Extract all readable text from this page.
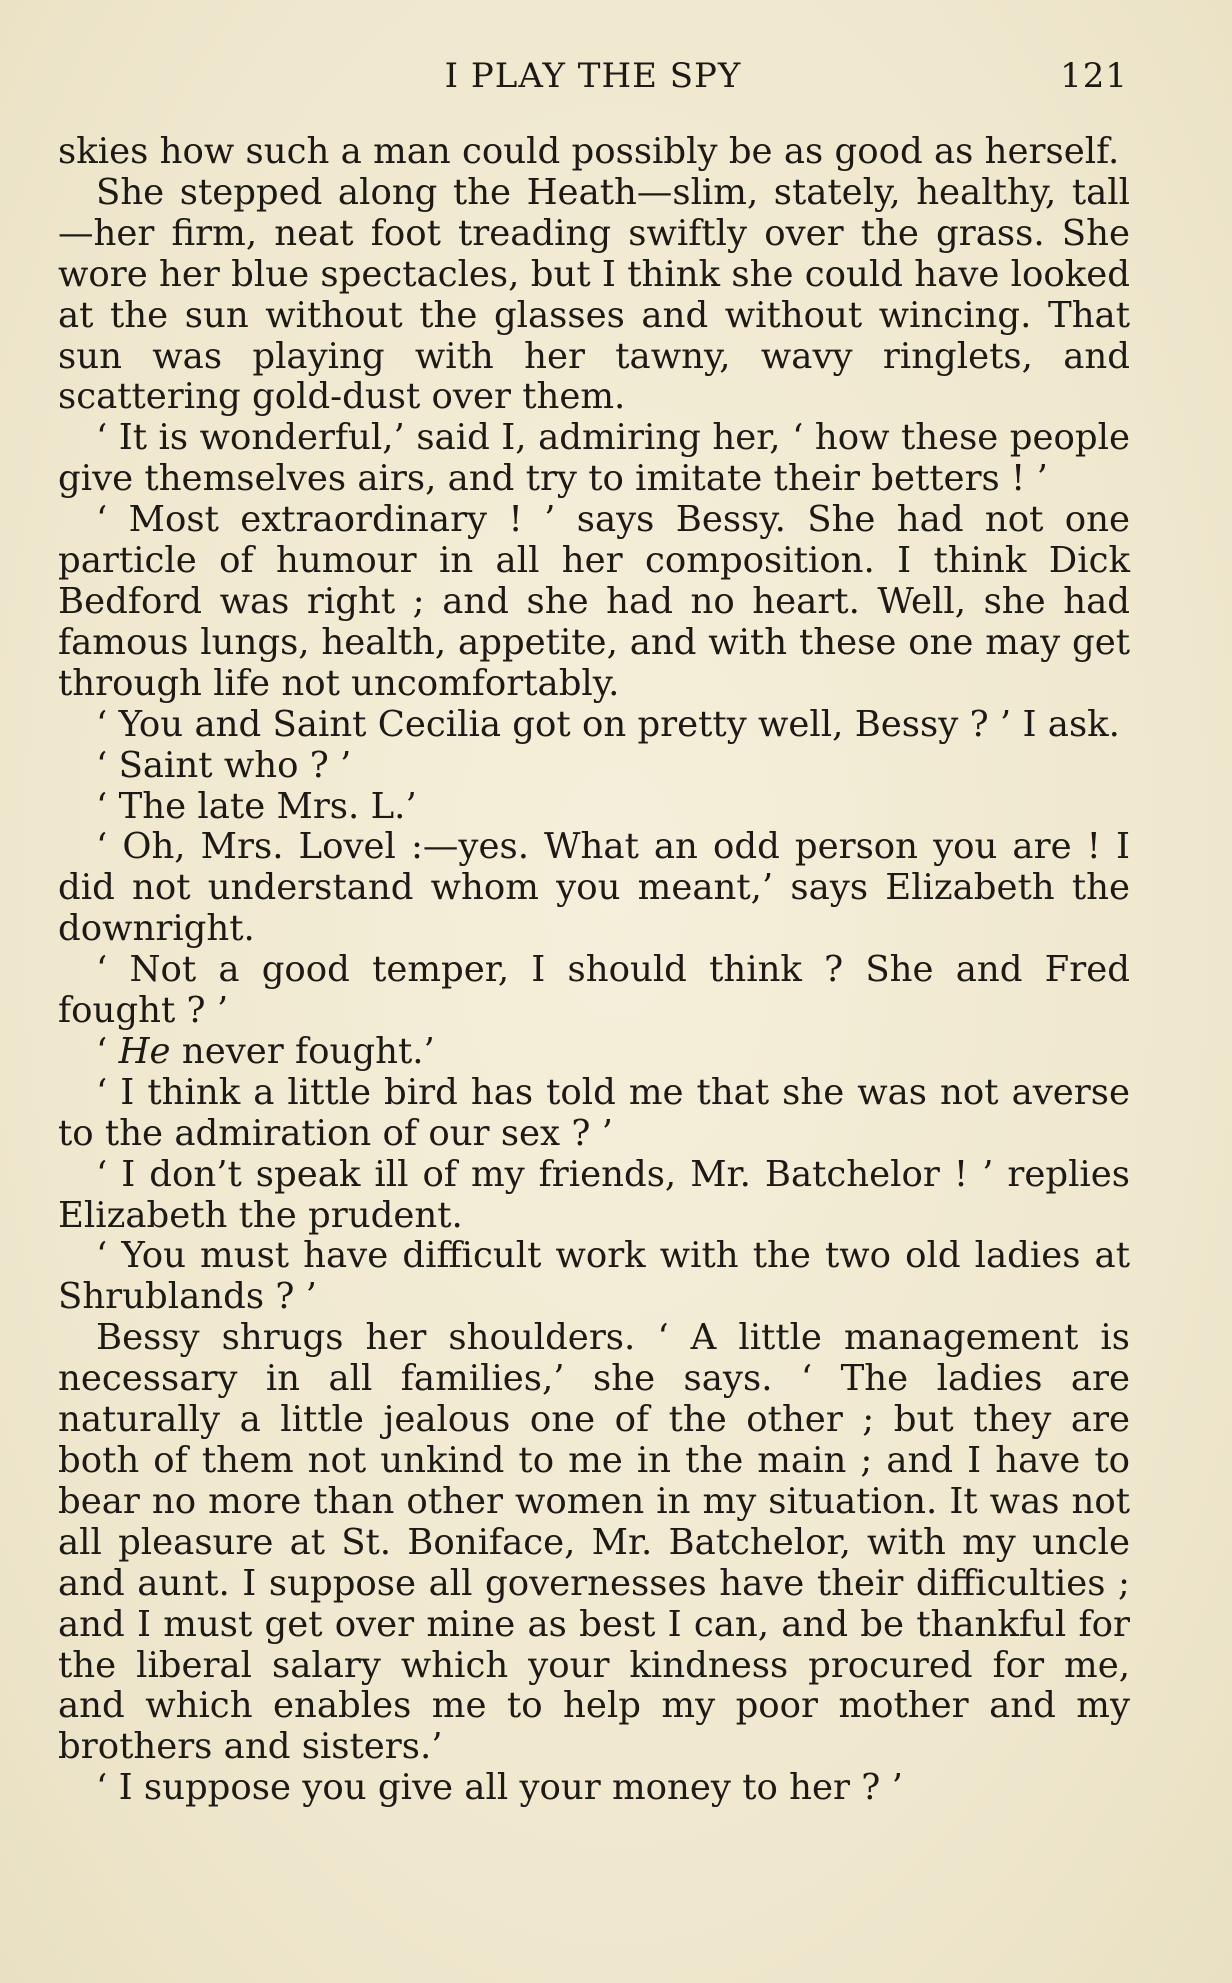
I PLAY THE SPY	121

skies how such a man could possibly be as good as herself.

She stepped along the Heath—slim, stately, healthy, tall—her firm, neat foot treading swiftly over the grass. She wore her blue spectacles, but I think she could have looked at the sun without the glasses and without wincing. That sun was playing with her tawny, wavy ringlets, and scattering gold-dust over them.

‘ It is wonderful,’ said I, admiring her, ‘ how these people give themselves airs, and try to imitate their betters ! ’

‘ Most extraordinary ! ’ says Bessy. She had not one particle of humour in all her composition. I think Dick Bedford was right ; and she had no heart. Well, she had famous lungs, health, appetite, and with these one may get through life not uncomfortably.

‘ You and Saint Cecilia got on pretty well, Bessy ? ’ I ask.

‘ Saint who ? ’

‘ The late Mrs. L.’

‘ Oh, Mrs. Lovel :—yes. What an odd person you are ! I did not understand whom you meant,’ says Elizabeth the downright.

‘ Not a good temper, I should think ? She and Fred fought ? ’

‘ He never fought.’

‘ I think a little bird has told me that she was not averse to the admiration of our sex ? ’

‘ I don’t speak ill of my friends, Mr. Batchelor ! ’ replies Elizabeth the prudent.

‘ You must have difficult work with the two old ladies at Shrublands ? ’

Bessy shrugs her shoulders. ‘ A little management is necessary in all families,’ she says. ‘ The ladies are naturally a little jealous one of the other ; but they are both of them not unkind to me in the main ; and I have to bear no more than other women in my situation. It was not all pleasure at St. Boniface, Mr. Batchelor, with my uncle and aunt. I suppose all governesses have their difficulties ; and I must get over mine as best I can, and be thankful for the liberal salary which your kindness procured for me, and which enables me to help my poor mother and my brothers and sisters.’

‘ I suppose you give all your money to her ? ’
